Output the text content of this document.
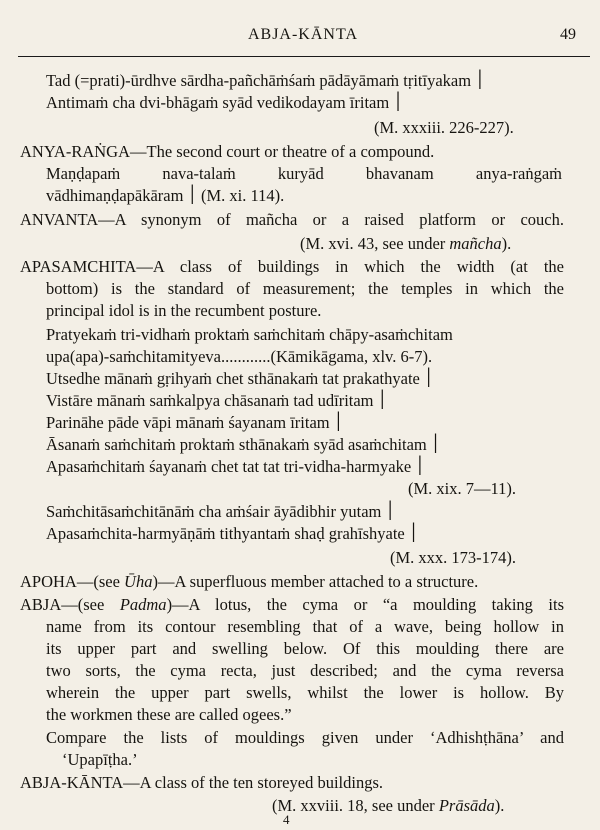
ABJA-KĀNTA	49
Tad (=prati)-ūrdhve sārdha-pañchāṁśaṁ pādāyāmaṁ tṛitīyakam ׀
Antimaṁ cha dvi-bhāgaṁ syād vedikodayam īritam ׀
(M. xxxiii. 226-227).
ANYA-RAṄGA—The second court or theatre of a compound.
Maṇḍapaṁ nava-talaṁ kuryād bhavanam anya-raṅgaṁ
vādhimaṇḍapākāram ׀ (M. xi. 114).
ANVANTA—A synonym of mañcha or a raised platform or couch.
(M. xvi. 43, see under mañcha).
APASAMCHITA—A class of buildings in which the width (at the
bottom) is the standard of measurement; the temples in which the
principal idol is in the recumbent posture.
Pratyekaṁ tri-vidhaṁ proktaṁ saṁchitaṁ chāpy-asaṁchitam
upa(apa)-saṁchitamityeva............(Kāmikāgama, xlv. 6-7).
Utsedhe mānaṁ gṛihyaṁ chet sthānakaṁ tat prakathyate ׀
Vistāre mānaṁ saṁkalpya chāsanaṁ tad udīritam ׀
Parināhe pāde vāpi mānaṁ śayanam īritam ׀
Āsanaṁ saṁchitaṁ proktaṁ sthānakaṁ syād asaṁchitam ׀
Apasaṁchitaṁ śayanaṁ chet tat tat tri-vidha-harmyake ׀
(M. xix. 7—11).
Saṁchitāsaṁchitānāṁ cha aṁśair āyādibhir yutam ׀
Apasaṁchita-harmyāṇāṁ tithyantaṁ shaḍ grahīshyate ׀
(M. xxx. 173-174).
APOHA—(see Ūha)—A superfluous member attached to a structure.
ABJA—(see Padma)—A lotus, the cyma or “a moulding taking its
name from its contour resembling that of a wave, being hollow in
its upper part and swelling below. Of this moulding there are
two sorts, the cyma recta, just described; and the cyma reversa
wherein the upper part swells, whilst the lower is hollow. By
the workmen these are called ogees.”
Compare the lists of mouldings given under ‘Adhishṭhāna’ and
‘Upapīṭha.’
ABJA-KĀNTA—A class of the ten storeyed buildings.
(M. xxviii. 18, see under Prāsāda).
4
